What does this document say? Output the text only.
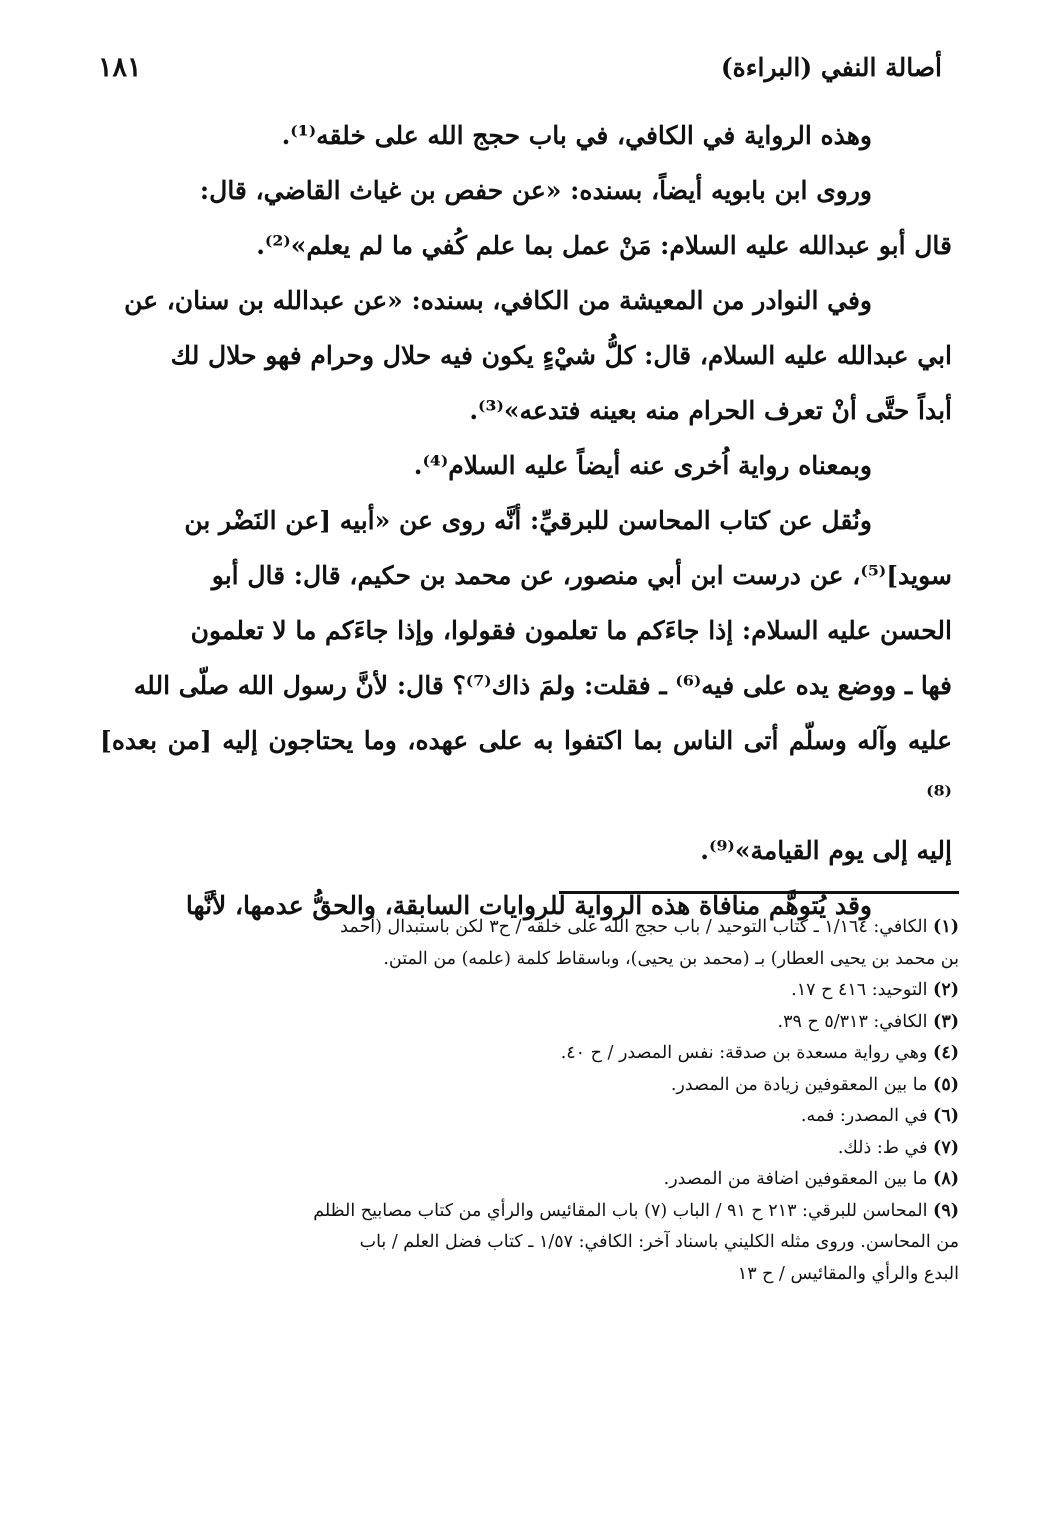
أصالة النفي (البراءة)
١٨١

وهذه الرواية في الكافي، في باب حجج الله على خلقه⁽¹⁾.

وروى ابن بابويه أيضاً، بسنده: «عن حفص بن غياث القاضي، قال:

قال أبو عبدالله عليه السلام: مَنْ عمل بما علم كُفي ما لم يعلم»⁽²⁾.

وفي النوادر من المعيشة من الكافي، بسنده: «عن عبدالله بن سنان، عن

ابي عبدالله عليه السلام، قال: كلُّ شيْءٍ يكون فيه حلال وحرام فهو حلال لك

أبداً حتَّى أنْ تعرف الحرام منه بعينه فتدعه»⁽³⁾.

وبمعناه رواية اُخرى عنه أيضاً عليه السلام⁽⁴⁾.

ونُقل عن كتاب المحاسن للبرقيِّ: أنَّه روى عن «أبيه [عن النَضْر بن

سويد]⁽⁵⁾، عن درست ابن أبي منصور، عن محمد بن حكيم، قال: قال أبو

الحسن عليه السلام: إذا جاءَكم ما تعلمون فقولوا، وإذا جاءَكم ما لا تعلمون

فها ـ ووضع يده على فيه⁽⁶⁾ ـ فقلت: ولمَ ذاك⁽⁷⁾؟ قال: لأنَّ رسول الله صلّى الله

عليه وآله وسلّم أتى الناس بما اكتفوا به على عهده، وما يحتاجون إليه [من بعده]⁽⁸⁾

إليه إلى يوم القيامة»⁽⁹⁾.

وقد يُتوهَّم منافاة هذه الرواية للروايات السابقة، والحقُّ عدمها، لأنَّها

(١) الكافي: ١/١٦٤ ـ كتاب التوحيد / باب حجج الله على خلقه / ح٣ لكن باستبدال (أحمد

بن محمد بن يحيى العطار) بـ (محمد بن يحيى)، وباسقاط كلمة (علمه) من المتن.

(٢) التوحيد: ٤١٦ ح ١٧.

(٣) الكافي: ٥/٣١٣ ح ٣٩.

(٤) وهي رواية مسعدة بن صدقة: نفس المصدر / ح ٤٠.

(٥) ما بين المعقوفين زيادة من المصدر.

(٦) في المصدر: فمه.

(٧) في ط: ذلك.

(٨) ما بين المعقوفين اضافة من المصدر.

(٩) المحاسن للبرقي: ٢١٣ ح ٩١ / الباب (٧) باب المقائيس والرأي من كتاب مصابيح الظلم

من المحاسن. وروى مثله الكليني باسناد آخر: الكافي: ١/٥٧ ـ كتاب فضل العلم / باب

البدع والرأي والمقائيس / ح ١٣
